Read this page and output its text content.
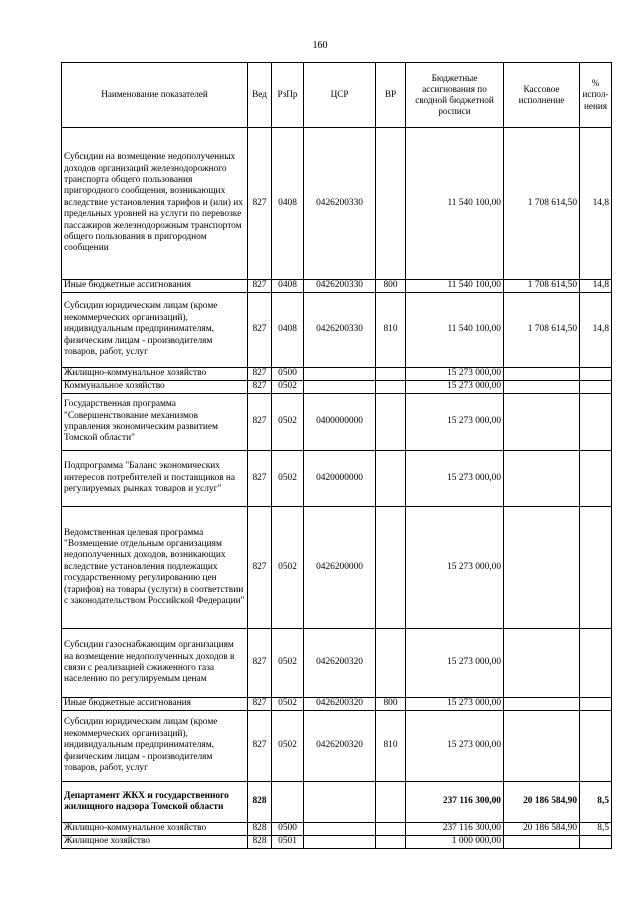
160
Наименование показателей	Вед	РзПр	ЦСР	ВР	Бюджетные ассигнования по сводной бюджетной росписи	Кассовое исполнение	% испол-нения
Субсидии на возмещение недополученных доходов организаций железнодорожного транспорта общего пользования пригородного сообщения, возникающих вследствие установления тарифов и (или) их предельных уровней на услуги по перевозке пассажиров железнодорожным транспортом общего пользования в пригородном сообщении	827	0408	0426200330		11 540 100,00	1 708 614,50	14,8
Иные бюджетные ассигнования	827	0408	0426200330	800	11 540 100,00	1 708 614,50	14,8
Субсидии юридическим лицам (кроме некоммерческих организаций), индивидуальным предпринимателям, физическим лицам - производителям товаров, работ, услуг	827	0408	0426200330	810	11 540 100,00	1 708 614,50	14,8
Жилищно-коммунальное хозяйство	827	0500			15 273 000,00		
Коммунальное хозяйство	827	0502			15 273 000,00		
Государственная программа "Совершенствование механизмов управления экономическим развитием Томской области"	827	0502	0400000000		15 273 000,00		
Подпрограмма "Баланс экономических интересов потребителей и поставщиков на регулируемых рынках товаров и услуг"	827	0502	0420000000		15 273 000,00		
Ведомственная целевая программа "Возмещение отдельным организациям недополученных доходов, возникающих вследствие установления подлежащих государственному регулированию цен (тарифов) на товары (услуги) в соответствии с законодательством Российской Федерации"	827	0502	0426200000		15 273 000,00		
Субсидии газоснабжающим организациям на возмещение недополученных доходов в связи с реализацией сжиженного газа населению по регулируемым ценам	827	0502	0426200320		15 273 000,00		
Иные бюджетные ассигнования	827	0502	0426200320	800	15 273 000,00		
Субсидии юридическим лицам (кроме некоммерческих организаций), индивидуальным предпринимателям, физическим лицам - производителям товаров, работ, услуг	827	0502	0426200320	810	15 273 000,00		
Департамент ЖКХ и государственного жилищного надзора Томской области	828				237 116 300,00	20 186 584,90	8,5
Жилищно-коммунальное хозяйство	828	0500			237 116 300,00	20 186 584,90	8,5
Жилищное хозяйство	828	0501			1 000 000,00		
